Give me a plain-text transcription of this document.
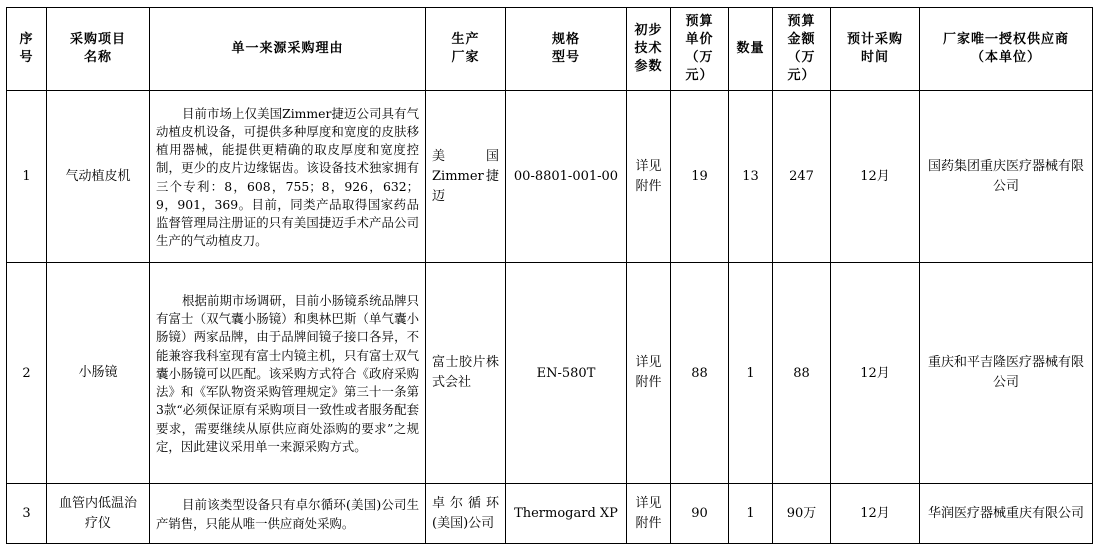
序号	采购项目名称	单一来源采购理由	生产厂家	规格型号	初步技术参数	预算单价（万元）	数量	预算金额（万元）	预计采购时间	厂家唯一授权供应商（本单位）

1	气动植皮机	目前市场上仅美国Zimmer捷迈公司具有气动植皮机设备，可提供多种厚度和宽度的皮肤移植用器械，能提供更精确的取皮厚度和宽度控制，更少的皮片边缘锯齿。该设备技术独家拥有三个专利：8，608，755；8，926，632；9，901，369。目前，同类产品取得国家药品监督管理局注册证的只有美国捷迈手术产品公司生产的气动植皮刀。	美国Zimmer捷迈	00-8801-001-00	详见附件	19	13	247	12月	国药集团重庆医疗器械有限公司
2	小肠镜	根据前期市场调研，目前小肠镜系统品牌只有富士（双气囊小肠镜）和奥林巴斯（单气囊小肠镜）两家品牌，由于品牌间镜子接口各异，不能兼容我科室现有富士内镜主机，只有富士双气囊小肠镜可以匹配。该采购方式符合《政府采购法》和《军队物资采购管理规定》第三十一条第3款“必须保证原有采购项目一致性或者服务配套要求，需要继续从原供应商处添购的要求”之规定，因此建议采用单一来源采购方式。	富士胶片株式会社	EN-580T	详见附件	88	1	88	12月	重庆和平吉隆医疗器械有限公司
3	血管内低温治疗仪	目前该类型设备只有卓尔循环(美国)公司生产销售，只能从唯一供应商处采购。	卓尔循环(美国)公司	Thermogard XP	详见附件	90	1	90万	12月	华润医疗器械重庆有限公司
